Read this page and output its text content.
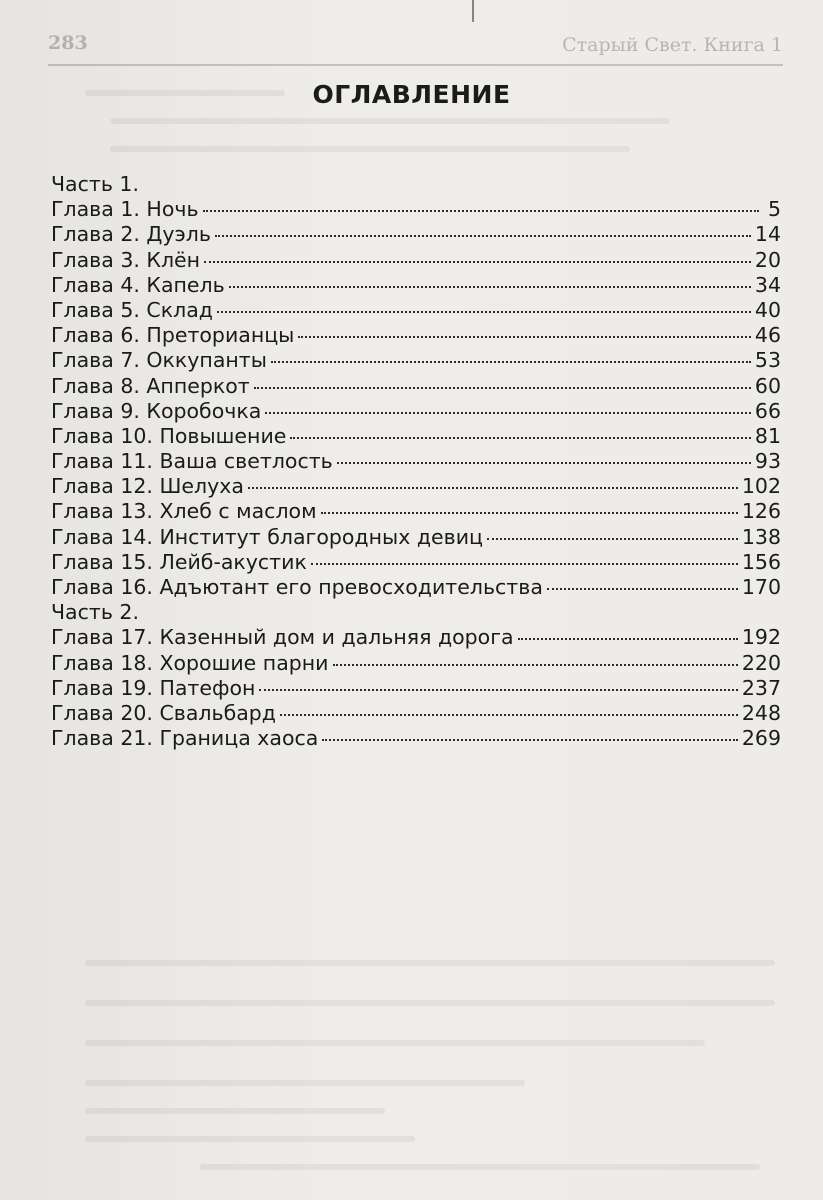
283	Старый Свет. Книга 1
ОГЛАВЛЕНИЕ
Часть 1.
Глава 1. Ночь	5
Глава 2. Дуэль	14
Глава 3. Клён	20
Глава 4. Капель	34
Глава 5. Склад	40
Глава 6. Преторианцы	46
Глава 7. Оккупанты	53
Глава 8. Апперкот	60
Глава 9. Коробочка	66
Глава 10. Повышение	81
Глава 11. Ваша светлость	93
Глава 12. Шелуха	102
Глава 13. Хлеб с маслом	126
Глава 14. Институт благородных девиц	138
Глава 15. Лейб-акустик	156
Глава 16. Адъютант его превосходительства	170
Часть 2.
Глава 17. Казенный дом и дальняя дорога	192
Глава 18. Хорошие парни	220
Глава 19. Патефон	237
Глава 20. Свальбард	248
Глава 21. Граница хаоса	269
